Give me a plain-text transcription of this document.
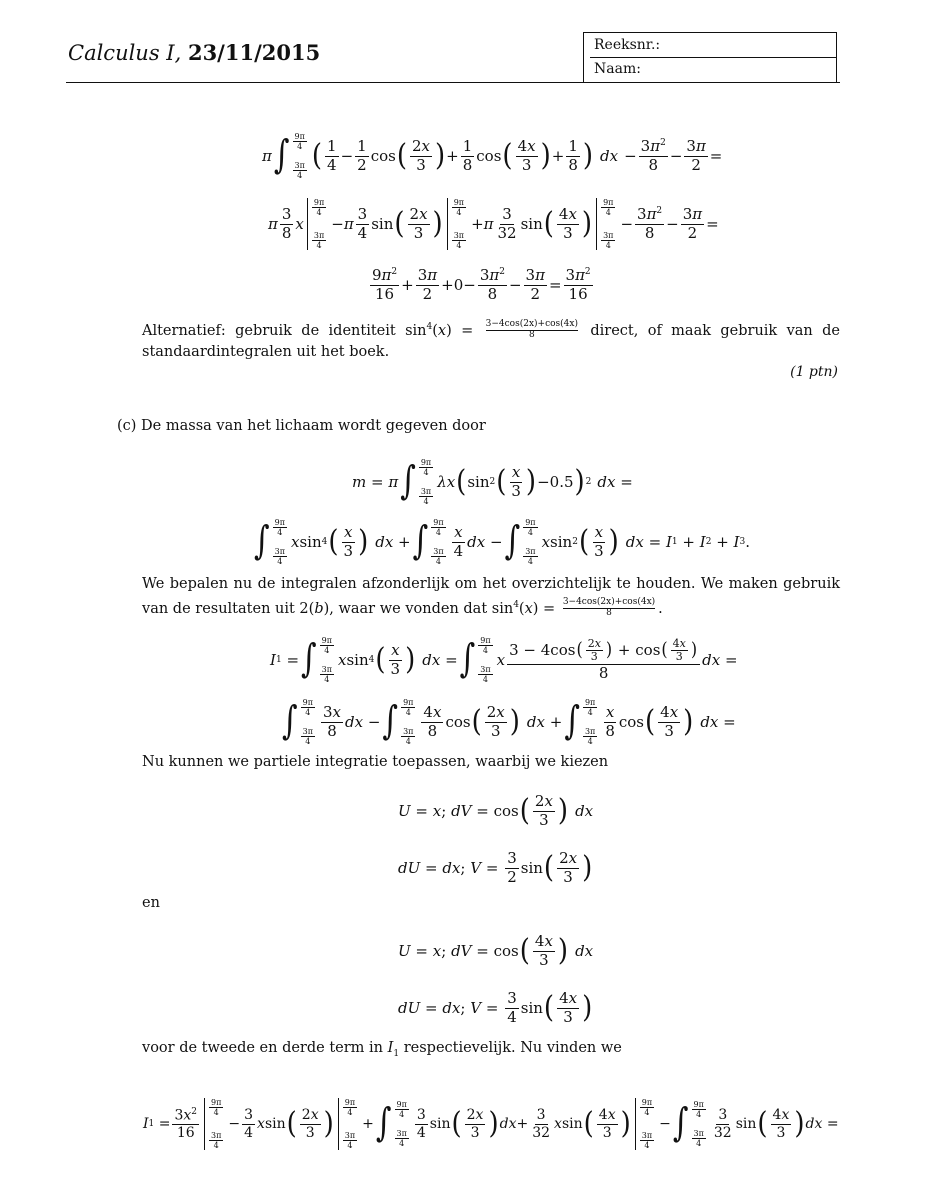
Calculus I, 23/11/2015	Reeksnr.:
Naam:
π ∫ $\frac{9\pi}{4}$
$\frac{3\pi}{4}$ ( $\frac{1}{4} - \frac{1}{2}$ cos ( $\frac{2x}{3}$ ) + $\frac{1}{8}$ cos ( $\frac{4x}{3}$ ) + $\frac{1}{8}$ ) dx − $\frac{3\pi^2}{8} - \frac{3\pi}{2}$ =
π $\frac{3}{8}$ x
$\frac{9\pi}{4}$
$\frac{3\pi}{4}$
− π $\frac{3}{4}$ sin ( $\frac{2x}{3}$ ) $\frac{9\pi}{4}$
$\frac{3\pi}{4}$
+ π $\frac{3}{32}$ sin ( $\frac{4x}{3}$ ) $\frac{9\pi}{4}$
$\frac{3\pi}{4}$
− $\frac{3\pi^2}{8} - \frac{3\pi}{2}$ =
$\frac{9\pi^2}{16} + \frac{3\pi}{2} +0- \frac{3\pi^2}{8} - \frac{3\pi}{2} = \frac{3\pi^2}{16}$
Alternatief: gebruik de identiteit $\sin^4(x) = \frac{3-4\cos(2x)+\cos(4x)}{8}$ direct, of maak gebruik van de standaardintegralen uit het boek.
(1 ptn)
(c) De massa van het lichaam wordt gegeven door
m = π ∫ $\frac{9\pi}{4}$
$\frac{3\pi}{4}$
λx ( sin 2 ( $\frac{x}{3}$ ) −0.5 ) 2 dx =
∫ $\frac{9\pi}{4}$
$\frac{3\pi}{4}$
x sin 4 ( $\frac{x}{3}$ ) dx + ∫ $\frac{9\pi}{4}$
$\frac{3\pi}{4} \frac{x}{4}$ dx − ∫ $\frac{9\pi}{4}$
$\frac{3\pi}{4}$
x sin 2 ( $\frac{x}{3}$ ) dx = I 1 + I 2 + I 3 .
We bepalen nu de integralen afzonderlijk om het overzichtelijk te houden. We maken gebruik van de resultaten uit 2(b), waar we vonden dat $\sin^4(x) = \frac{3-4\cos(2x)+\cos(4x)}{8}$ .
I 1 = ∫ $\frac{9\pi}{4}$
$\frac{3\pi}{4}$
x sin 4 ( $\frac{x}{3}$ ) dx = ∫ $\frac{9\pi}{4}$
$\frac{3\pi}{4}$
x $\frac{3 - 4\cos( \frac{2x}{3} ) + \cos( \frac{4x}{3} )}{8}$ dx =
∫ $\frac{9\pi}{4}$
$\frac{3\pi}{4} \frac{3x}{8}$ dx − ∫ $\frac{9\pi}{4}$
$\frac{3\pi}{4} \frac{4x}{8}$ cos ( $\frac{2x}{3}$ ) dx + ∫ $\frac{9\pi}{4}$
$\frac{3\pi}{4} \frac{x}{8}$ cos ( $\frac{4x}{3}$ ) dx =
Nu kunnen we partiele integratie toepassen, waarbij we kiezen
U = x ; dV = cos ( $\frac{2x}{3}$ ) dx
dU = dx ; $V = \frac{3}{2}$ sin ( $\frac{2x}{3}$ )
en
U = x ; dV = cos ( $\frac{4x}{3}$ ) dx
dU = dx ; $V = \frac{3}{4}$ sin ( $\frac{4x}{3}$ )
voor de tweede en derde term in $I_1$ respectievelijk. Nu vinden we
I $1 = \frac{3x^2}{16} \frac{9\pi}{4}$
$\frac{3\pi}{4}$
− $\frac{3}{4}$ x sin ( $\frac{2x}{3}$ ) $\frac{9\pi}{4}$
$\frac{3\pi}{4}$
+ ∫ $\frac{9\pi}{4}$
$\frac{3\pi}{4} \frac{3}{4}$ sin ( $\frac{2x}{3}$ ) dx + $\frac{3}{32}$ x sin ( $\frac{4x}{3}$ ) $\frac{9\pi}{4}$
$\frac{3\pi}{4}$
− ∫ $\frac{9\pi}{4}$
$\frac{3\pi}{4} \frac{3}{32}$ sin ( $\frac{4x}{3}$ ) dx =
